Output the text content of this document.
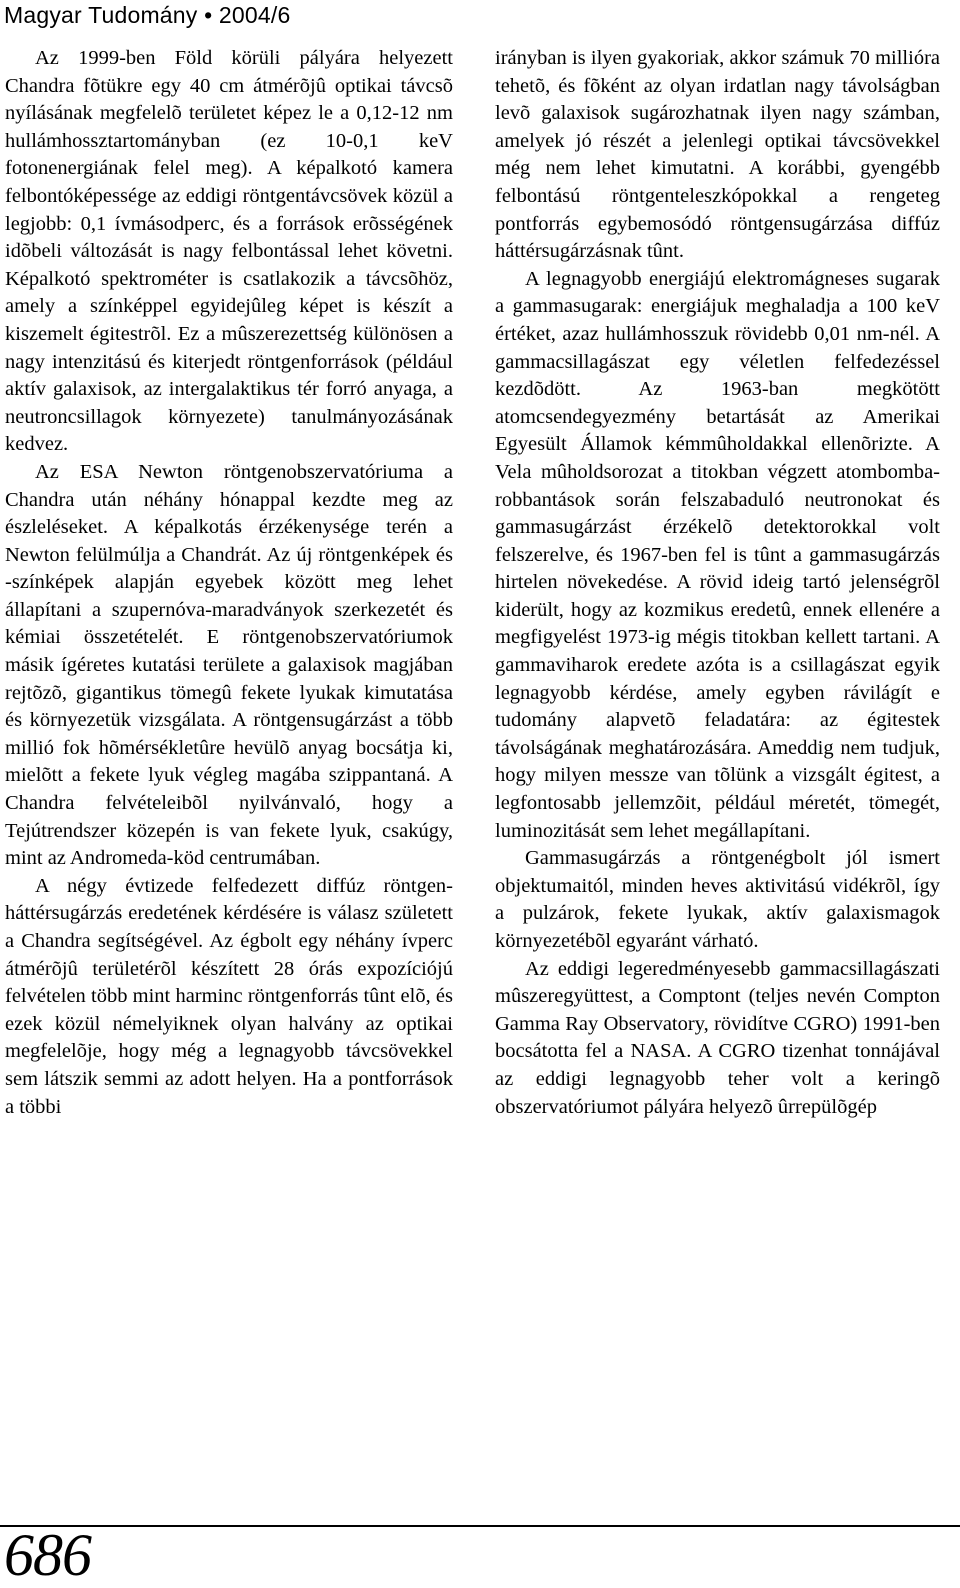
Magyar Tudomány • 2004/6

Az 1999-ben Föld körüli pályára helyezett Chandra fõtükre egy 40 cm átmérõjû optikai távcsõ nyílásának megfelelõ területet képez le a 0,12-12 nm hullámhossztartományban (ez 10-0,1 keV fotonenergiának felel meg). A képalkotó kamera felbontóképessége az eddigi röntgentávcsövek közül a legjobb: 0,1 ívmásodperc, és a források erõsségének idõbeli változását is nagy felbontással lehet követni. Képalkotó spektrométer is csatlakozik a távcsõhöz, amely a színképpel egyidejûleg képet is készít a kiszemelt égitestrõl. Ez a mûszerezettség különösen a nagy intenzitású és kiterjedt röntgenforrások (például aktív galaxisok, az intergalaktikus tér forró anyaga, a neutroncsillagok környezete) tanulmányozásának kedvez.

Az ESA Newton röntgenobszervatóriuma a Chandra után néhány hónappal kezdte meg az észleléseket. A képalkotás érzékenysége terén a Newton felülmúlja a Chandrát. Az új röntgenképek és -színképek alapján egyebek között meg lehet állapítani a szupernóva-maradványok szerkezetét és kémiai összetételét. E röntgenobszervatóriumok másik ígéretes kutatási területe a galaxisok magjában rejtõzõ, gigantikus tömegû fekete lyukak kimutatása és környezetük vizsgálata. A röntgensugárzást a több millió fok hõmérsékletûre hevülõ anyag bocsátja ki, mielõtt a fekete lyuk végleg magába szippantaná. A Chandra felvételeibõl nyilvánvaló, hogy a Tejútrendszer közepén is van fekete lyuk, csakúgy, mint az Andromeda-köd centrumában.

A négy évtizede felfedezett diffúz röntgen-háttérsugárzás eredetének kérdésére is válasz született a Chandra segítségével. Az égbolt egy néhány ívperc átmérõjû területérõl készített 28 órás expozíciójú felvételen több mint harminc röntgenforrás tûnt elõ, és ezek közül némelyiknek olyan halvány az optikai megfelelõje, hogy még a legnagyobb távcsövekkel sem látszik semmi az adott helyen. Ha a pontforrások a többi

irányban is ilyen gyakoriak, akkor számuk 70 millióra tehetõ, és fõként az olyan irdatlan nagy távolságban levõ galaxisok sugározhatnak ilyen nagy számban, amelyek jó részét a jelenlegi optikai távcsövekkel még nem lehet kimutatni. A korábbi, gyengébb felbontású röntgenteleszkópokkal a rengeteg pontforrás egybemosódó röntgensugárzása diffúz háttérsugárzásnak tûnt.

A legnagyobb energiájú elektromágneses sugarak a gammasugarak: energiájuk meghaladja a 100 keV értéket, azaz hullámhosszuk rövidebb 0,01 nm-nél. A gammacsillagászat egy véletlen felfedezéssel kezdõdött. Az 1963-ban megkötött atomcsendegyezmény betartását az Amerikai Egyesült Államok kémmûholdakkal ellenõrizte. A Vela mûholdsorozat a titokban végzett atombomba-robbantások során felszabaduló neutronokat és gammasugárzást érzékelõ detektorokkal volt felszerelve, és 1967-ben fel is tûnt a gammasugárzás hirtelen növekedése. A rövid ideig tartó jelenségrõl kiderült, hogy az kozmikus eredetû, ennek ellenére a megfigyelést 1973-ig mégis titokban kellett tartani. A gammaviharok eredete azóta is a csillagászat egyik legnagyobb kérdése, amely egyben rávilágít e tudomány alapvetõ feladatára: az égitestek távolságának meghatározására. Ameddig nem tudjuk, hogy milyen messze van tõlünk a vizsgált égitest, a legfontosabb jellemzõit, például méretét, tömegét, luminozitását sem lehet megállapítani.

Gammasugárzás a röntgenégbolt jól ismert objektumaitól, minden heves aktivitású vidékrõl, így a pulzárok, fekete lyukak, aktív galaxismagok környezetébõl egyaránt várható.

Az eddigi legeredményesebb gammacsillagászati mûszeregyüttest, a Comptont (teljes nevén Compton Gamma Ray Observatory, rövidítve CGRO) 1991-ben bocsátotta fel a NASA. A CGRO tizenhat tonnájával az eddigi legnagyobb teher volt a keringõ obszervatóriumot pályára helyezõ ûrrepülõgép

686
